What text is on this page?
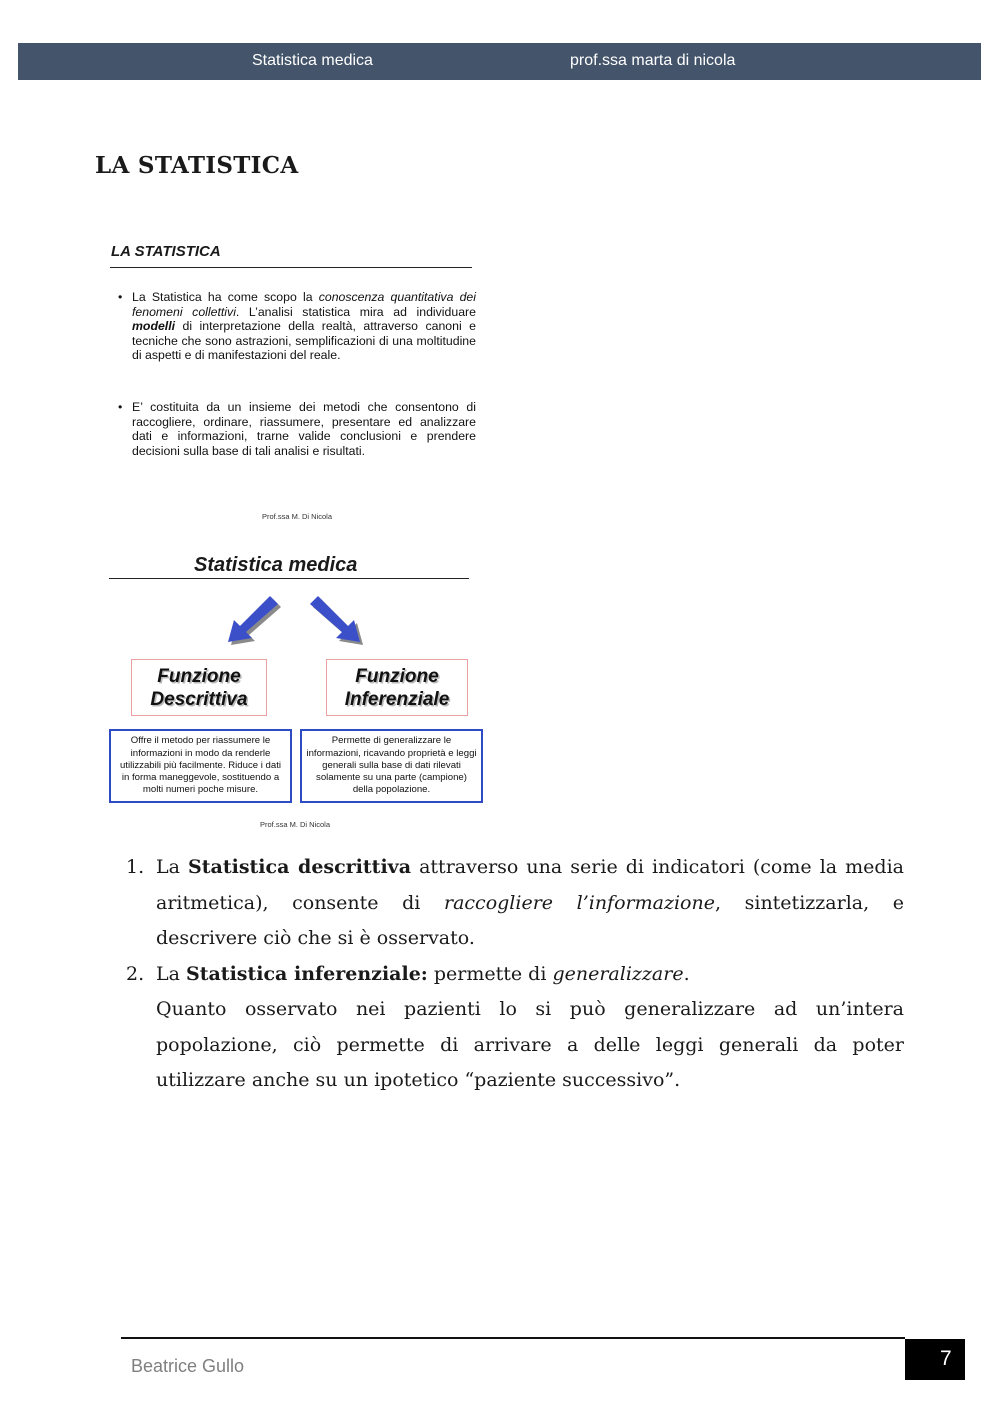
Statistica medica	prof.ssa marta di nicola
LA STATISTICA
LA STATISTICA
• La Statistica ha come scopo la conoscenza quantitativa dei fenomeni collettivi. L’analisi statistica mira ad individuare modelli di interpretazione della realtà, attraverso canoni e tecniche che sono astrazioni, semplificazioni di una moltitudine di aspetti e di manifestazioni del reale.
• E’ costituita da un insieme dei metodi che consentono di raccogliere, ordinare, riassumere, presentare ed analizzare dati e informazioni, trarne valide conclusioni e prendere decisioni sulla base di tali analisi e risultati.
Prof.ssa M. Di Nicola
Statistica medica
Funzione
Descrittiva
Funzione
Inferenziale
Offre il metodo per riassumere le informazioni in modo da renderle utilizzabili più facilmente. Riduce i dati in forma maneggevole, sostituendo a molti numeri poche misure.
Permette di generalizzare le informazioni, ricavando proprietà e leggi generali sulla base di dati rilevati solamente su una parte (campione) della popolazione.
Prof.ssa M. Di Nicola
1. La Statistica descrittiva attraverso una serie di indicatori (come la media aritmetica), consente di raccogliere l’informazione, sintetizzarla, e descrivere ciò che si è osservato.
2. La Statistica inferenziale: permette di generalizzare.
Quanto osservato nei pazienti lo si può generalizzare ad un’intera popolazione, ciò permette di arrivare a delle leggi generali da poter utilizzare anche su un ipotetico “paziente successivo”.
Beatrice Gullo	7
